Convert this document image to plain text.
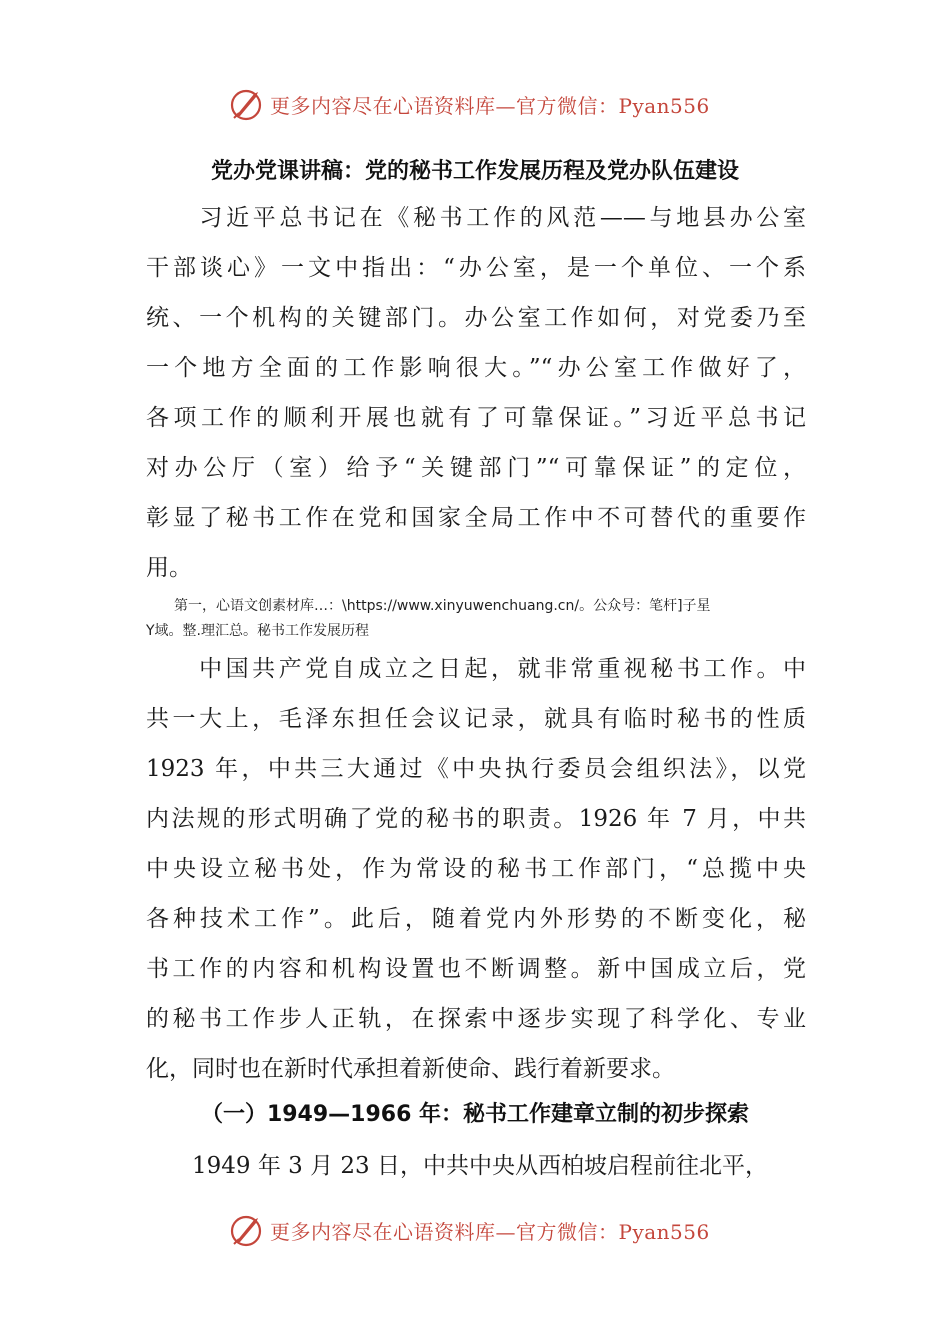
更多内容尽在心语资料库—官方微信：Pyan556
党办党课讲稿：党的秘书工作发展历程及党办队伍建设
　　习近平总书记在《秘书工作的风范——与地县办公室
干部谈心》一文中指出：“办公室，是一个单位、一个系
统、一个机构的关键部门。办公室工作如何，对党委乃至
一个地方全面的工作影响很大。”“办公室工作做好了，
各项工作的顺利开展也就有了可靠保证。”习近平总书记
对办公厅（室）给予“关键部门”“可靠保证”的定位，
彰显了秘书工作在党和国家全局工作中不可替代的重要作
用。
　　第一，心语文创素材库…：\https://www.xinyuwenchuang.cn/。公众号：笔杆]子星
Y域。整.理汇总。秘书工作发展历程
　　中国共产党自成立之日起，就非常重视秘书工作。中
共一大上，毛泽东担任会议记录，就具有临时秘书的性质
1923 年，中共三大通过《中央执行委员会组织法》，以党
内法规的形式明确了党的秘书的职责。1926 年 7 月，中共
中央设立秘书处，作为常设的秘书工作部门，“总揽中央
各种技术工作”。此后，随着党内外形势的不断变化，秘
书工作的内容和机构设置也不断调整。新中国成立后，党
的秘书工作步人正轨，在探索中逐步实现了科学化、专业
化，同时也在新时代承担着新使命、践行着新要求。
（一）1949—1966 年：秘书工作建章立制的初步探索
　　1949 年 3 月 23 日，中共中央从西柏坡启程前往北平，
更多内容尽在心语资料库—官方微信：Pyan556
